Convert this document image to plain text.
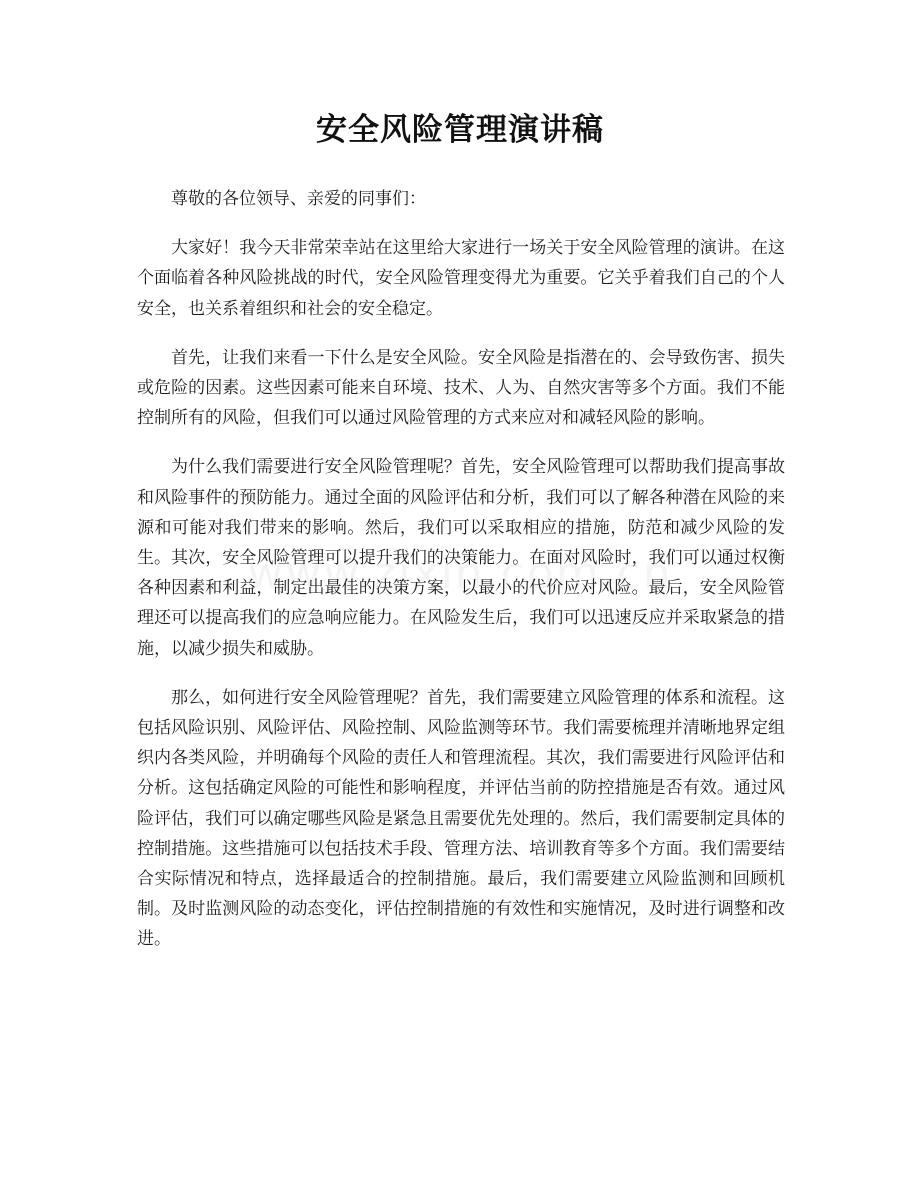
安全风险管理演讲稿

尊敬的各位领导、亲爱的同事们：

大家好！我今天非常荣幸站在这里给大家进行一场关于安全风险管理的演讲。在这个面临着各种风险挑战的时代，安全风险管理变得尤为重要。它关乎着我们自己的个人安全，也关系着组织和社会的安全稳定。

首先，让我们来看一下什么是安全风险。安全风险是指潜在的、会导致伤害、损失或危险的因素。这些因素可能来自环境、技术、人为、自然灾害等多个方面。我们不能控制所有的风险，但我们可以通过风险管理的方式来应对和减轻风险的影响。

为什么我们需要进行安全风险管理呢？首先，安全风险管理可以帮助我们提高事故和风险事件的预防能力。通过全面的风险评估和分析，我们可以了解各种潜在风险的来源和可能对我们带来的影响。然后，我们可以采取相应的措施，防范和减少风险的发生。其次，安全风险管理可以提升我们的决策能力。在面对风险时，我们可以通过权衡各种因素和利益，制定出最佳的决策方案，以最小的代价应对风险。最后，安全风险管理还可以提高我们的应急响应能力。在风险发生后，我们可以迅速反应并采取紧急的措施，以减少损失和威胁。

那么，如何进行安全风险管理呢？首先，我们需要建立风险管理的体系和流程。这包括风险识别、风险评估、风险控制、风险监测等环节。我们需要梳理并清晰地界定组织内各类风险，并明确每个风险的责任人和管理流程。其次，我们需要进行风险评估和分析。这包括确定风险的可能性和影响程度，并评估当前的防控措施是否有效。通过风险评估，我们可以确定哪些风险是紧急且需要优先处理的。然后，我们需要制定具体的控制措施。这些措施可以包括技术手段、管理方法、培训教育等多个方面。我们需要结合实际情况和特点，选择最适合的控制措施。最后，我们需要建立风险监测和回顾机制。及时监测风险的动态变化，评估控制措施的有效性和实施情况，及时进行调整和改进。
